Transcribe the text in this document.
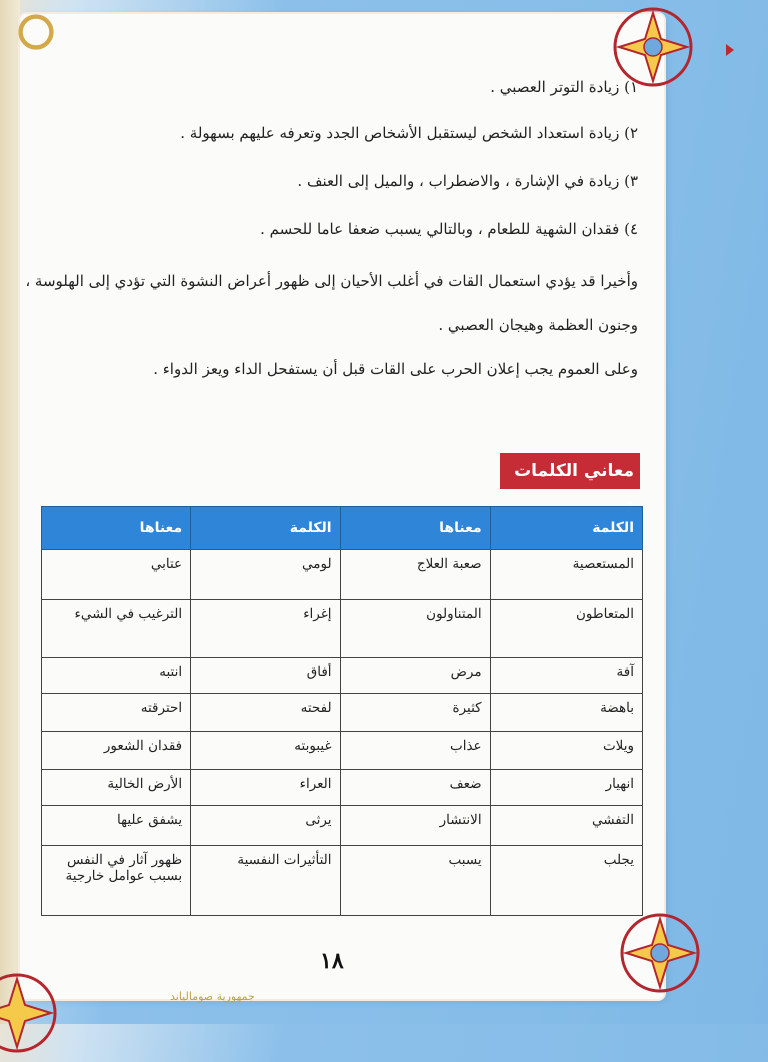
١) زيادة التوتر العصبي .
٢) زيادة استعداد الشخص ليستقبل الأشخاص الجدد وتعرفه عليهم بسهولة .
٣) زيادة في الإشارة ، والاضطراب ، والميل إلى العنف .
٤) فقدان الشهية للطعام ، وبالتالي يسبب ضعفا عاما للحسم .
وأخيرا قد يؤدي استعمال القات في أغلب الأحيان إلى ظهور أعراض النشوة التي تؤدي إلى الهلوسة ،
وجنون العظمة وهيجان العصبي .
وعلى العموم يجب إعلان الحرب على القات قبل أن يستفحل الداء ويعز الدواء .
معاني الكلمات
الكلمة	معناها	الكلمة	معناها
المستعصية	صعبة العلاج	لومي	عتابي
المتعاطون	المتناولون	إغراء	الترغيب في الشيء
آفة	مرض	أفاق	انتبه
باهضة	كثيرة	لفحته	احترقته
ويلات	عذاب	غيبوبته	فقدان الشعور
انهيار	ضعف	العراء	الأرض الخالية
التفشي	الانتشار	يرثى	يشفق عليها
يجلب	يسبب	التأثيرات النفسية	ظهور آثار في النفس بسبب عوامل خارجية
١٨
جمهورية صومالياند
